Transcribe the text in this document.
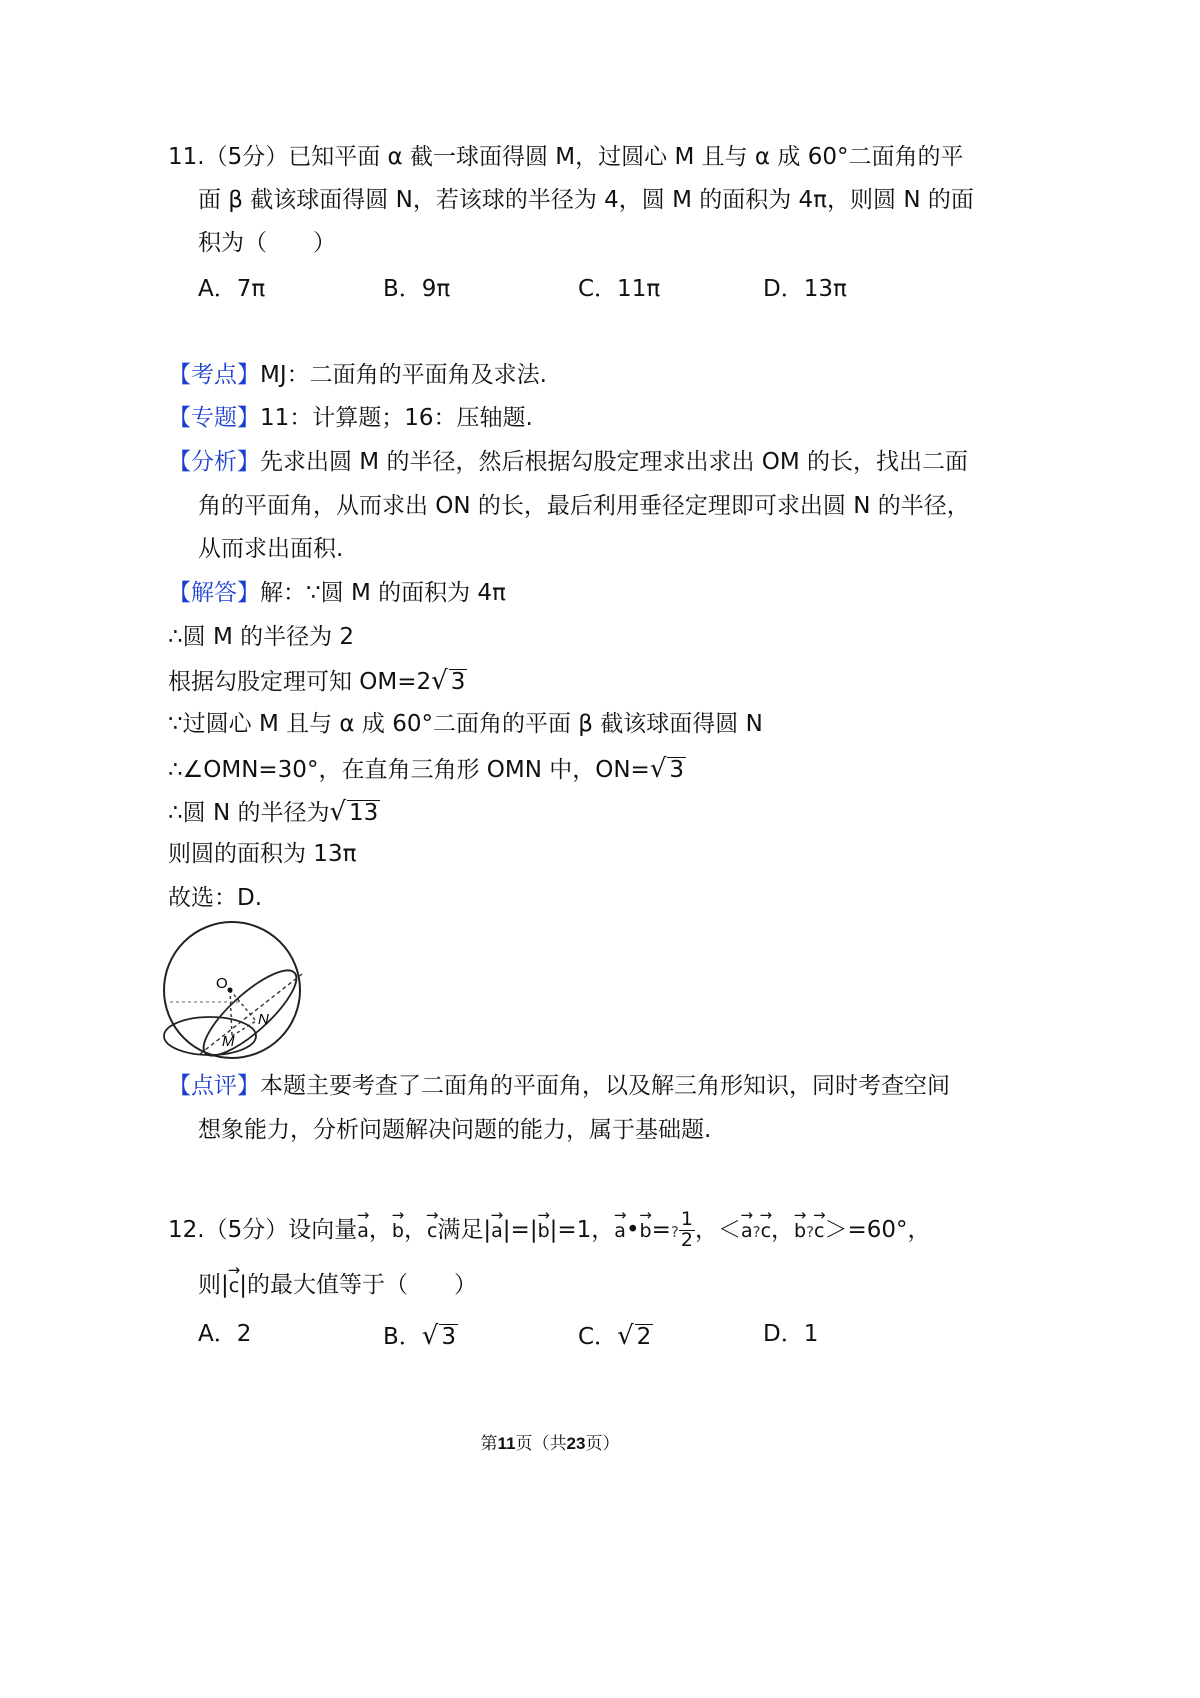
11.（5分）已知平面 α 截一球面得圆 M，过圆心 M 且与 α 成 60°二面角的平
面 β 截该球面得圆 N，若该球的半径为 4，圆 M 的面积为 4π，则圆 N 的面
积为（　　）
A．7π	B．9π	C．11π	D．13π
【考点】MJ：二面角的平面角及求法.
【专题】11：计算题；16：压轴题.
【分析】先求出圆 M 的半径，然后根据勾股定理求出求出 OM 的长，找出二面
角的平面角，从而求出 ON 的长，最后利用垂径定理即可求出圆 N 的半径，
从而求出面积.
【解答】解：∵圆 M 的面积为 4π
∴圆 M 的半径为 2
根据勾股定理可知 OM=2√ 3
∵过圆心 M 且与 α 成 60°二面角的平面 β 截该球面得圆 N
∴∠OMN=30°，在直角三角形 OMN 中，ON=√ 3
∴圆 N 的半径为√ 13
则圆的面积为 13π
故选：D.
O
M
N
【点评】本题主要考查了二面角的平面角，以及解三角形知识，同时考查空间
想象能力，分析问题解决问题的能力，属于基础题.
12.（5分）设向量→ a，→ b，→ c满足|→ a|=|→ b|=1，→ a•→ b=? $\frac{1}{2}$ ，＜→ a?→ c，→ b?→ c＞=60°，
则|→ c|的最大值等于（　　）
A．2	B．√ 3	C．√ 2	D．1
第11页（共23页）
